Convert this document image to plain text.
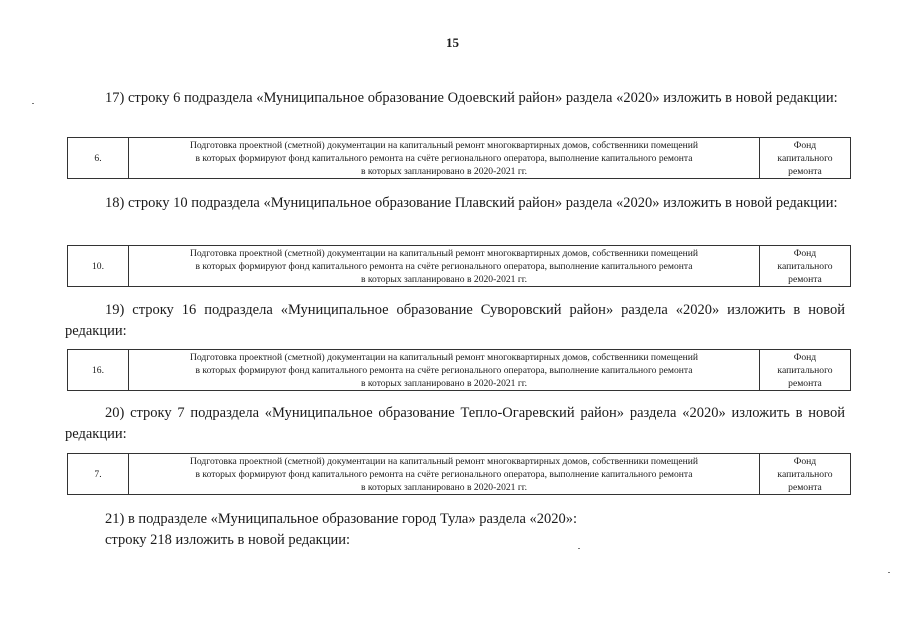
15
17) строку 6 подраздела «Муниципальное образование Одоевский район» раздела «2020» изложить в новой редакции:
6.
Подготовка проектной (сметной) документации на капитальный ремонт многоквартирных домов, собственники помещений
в которых формируют фонд капитального ремонта на счёте регионального оператора, выполнение капитального ремонта
в которых запланировано в 2020-2021 гг.
Фонд
капитального
ремонта
18) строку 10 подраздела «Муниципальное образование Плавский район» раздела «2020» изложить в новой редакции:
10.
Подготовка проектной (сметной) документации на капитальный ремонт многоквартирных домов, собственники помещений
в которых формируют фонд капитального ремонта на счёте регионального оператора, выполнение капитального ремонта
в которых запланировано в 2020-2021 гг.
Фонд
капитального
ремонта
19) строку 16 подраздела «Муниципальное образование Суворовский район» раздела «2020» изложить в новой редакции:
16.
Подготовка проектной (сметной) документации на капитальный ремонт многоквартирных домов, собственники помещений
в которых формируют фонд капитального ремонта на счёте регионального оператора, выполнение капитального ремонта
в которых запланировано в 2020-2021 гг.
Фонд
капитального
ремонта
20) строку 7 подраздела «Муниципальное образование Тепло-Огаревский район» раздела «2020» изложить в новой редакции:
7.
Подготовка проектной (сметной) документации на капитальный ремонт многоквартирных домов, собственники помещений
в которых формируют фонд капитального ремонта на счёте регионального оператора, выполнение капитального ремонта
в которых запланировано в 2020-2021 гг.
Фонд
капитального
ремонта
21) в подразделе «Муниципальное образование город Тула» раздела «2020»:
строку 218 изложить в новой редакции:
